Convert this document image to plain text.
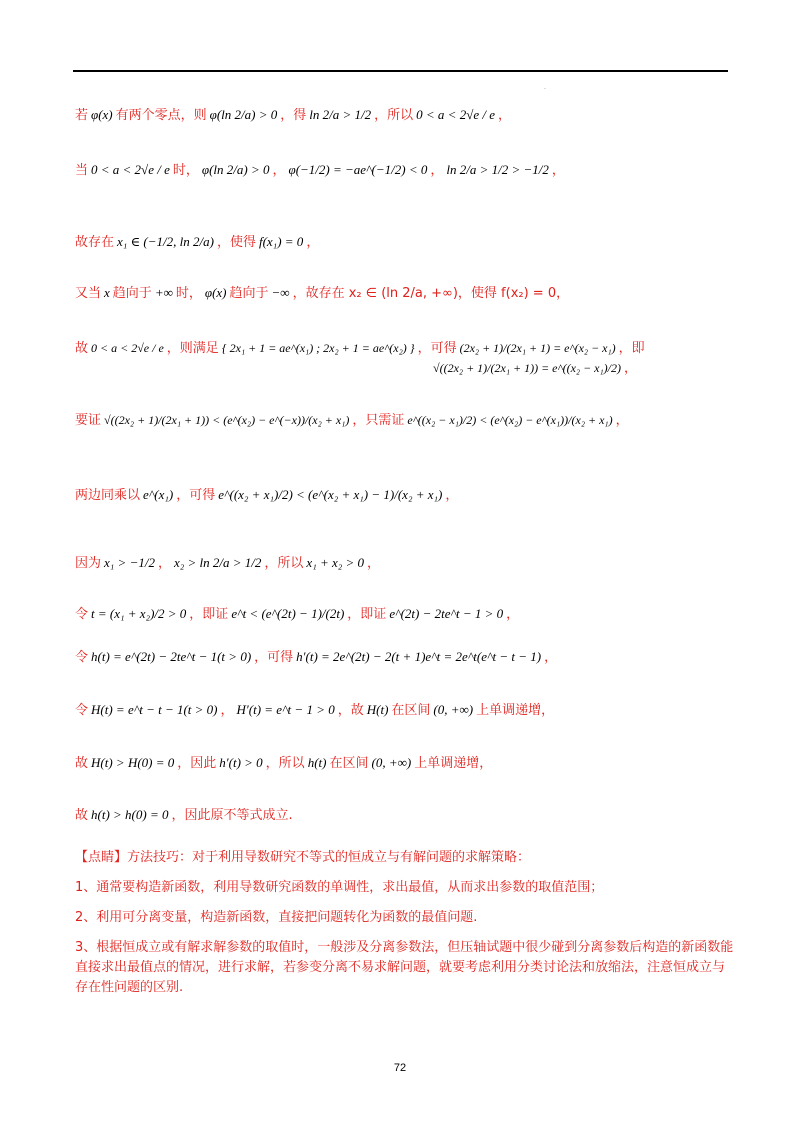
·
若 φ(x) 有两个零点，则 φ(ln 2/a) > 0 ，得 ln 2/a > 1/2 ，所以 0 < a < 2√e / e ，
当 0 < a < 2√e / e 时， φ(ln 2/a) > 0 ， φ(−1/2) = −ae^(−1/2) < 0 ， ln 2/a > 1/2 > −1/2 ，
故存在 x₁ ∈ (−1/2, ln 2/a) ，使得 f(x₁) = 0 ，
又当 x 趋向于 +∞ 时， φ(x) 趋向于 −∞ ，故存在 x₂ ∈ (ln 2/a, +∞)，使得 f(x₂) = 0，
故 0 < a < 2√e / e ，则满足 { 2x₁ + 1 = ae^(x₁) ; 2x₂ + 1 = ae^(x₂) } ，可得 (2x₂ + 1)/(2x₁ + 1) = e^(x₂ − x₁) ，即
√((2x₂ + 1)/(2x₁ + 1)) = e^((x₂ − x₁)/2) ，
要证 √((2x₂ + 1)/(2x₁ + 1)) < (e^(x₂) − e^(−x))/(x₂ + x₁) ，只需证 e^((x₂ − x₁)/2) < (e^(x₂) − e^(x₁))/(x₂ + x₁) ，
两边同乘以 e^(x₁) ，可得 e^((x₂ + x₁)/2) < (e^(x₂ + x₁) − 1)/(x₂ + x₁) ，
因为 x₁ > −1/2 ， x₂ > ln 2/a > 1/2 ，所以 x₁ + x₂ > 0 ，
令 t = (x₁ + x₂)/2 > 0 ，即证 e^t < (e^(2t) − 1)/(2t) ，即证 e^(2t) − 2te^t − 1 > 0 ，
令 h(t) = e^(2t) − 2te^t − 1(t > 0) ，可得 h′(t) = 2e^(2t) − 2(t + 1)e^t = 2e^t(e^t − t − 1) ，
令 H(t) = e^t − t − 1(t > 0) ， H′(t) = e^t − 1 > 0 ，故 H(t) 在区间 (0, +∞) 上单调递增，
故 H(t) > H(0) = 0 ，因此 h′(t) > 0 ，所以 h(t) 在区间 (0, +∞) 上单调递增，
故 h(t) > h(0) = 0 ，因此原不等式成立.

【点睛】方法技巧：对于利用导数研究不等式的恒成立与有解问题的求解策略：

1、通常要构造新函数，利用导数研究函数的单调性，求出最值，从而求出参数的取值范围；

2、利用可分离变量，构造新函数，直接把问题转化为函数的最值问题.

3、根据恒成立或有解求解参数的取值时，一般涉及分离参数法，但压轴试题中很少碰到分离参数后构造的新函数能直接求出最值点的情况，进行求解，若参变分离不易求解问题，就要考虑利用分类讨论法和放缩法，注意恒成立与存在性问题的区别.

72
